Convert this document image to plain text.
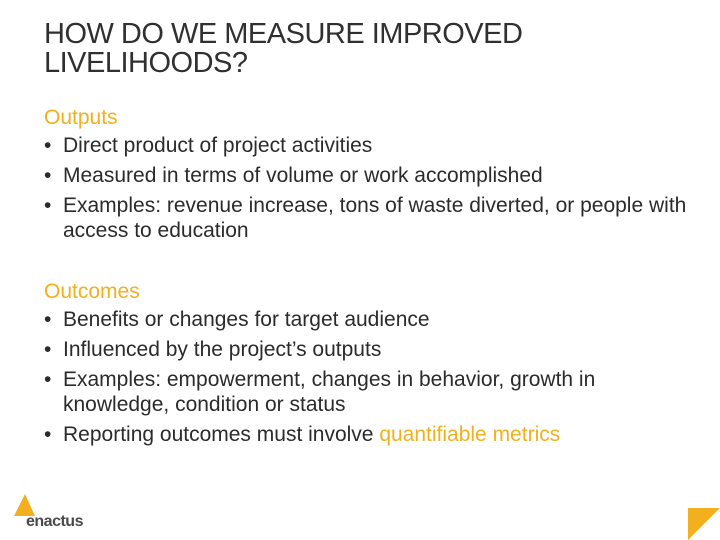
HOW DO WE MEASURE IMPROVED LIVELIHOODS?
Outputs
• Direct product of project activities
• Measured in terms of volume or work accomplished
• Examples: revenue increase, tons of waste diverted, or people with access to education
Outcomes
• Benefits or changes for target audience
• Influenced by the project’s outputs
• Examples: empowerment, changes in behavior, growth in knowledge, condition or status
• Reporting outcomes must involve quantifiable metrics
enactus
